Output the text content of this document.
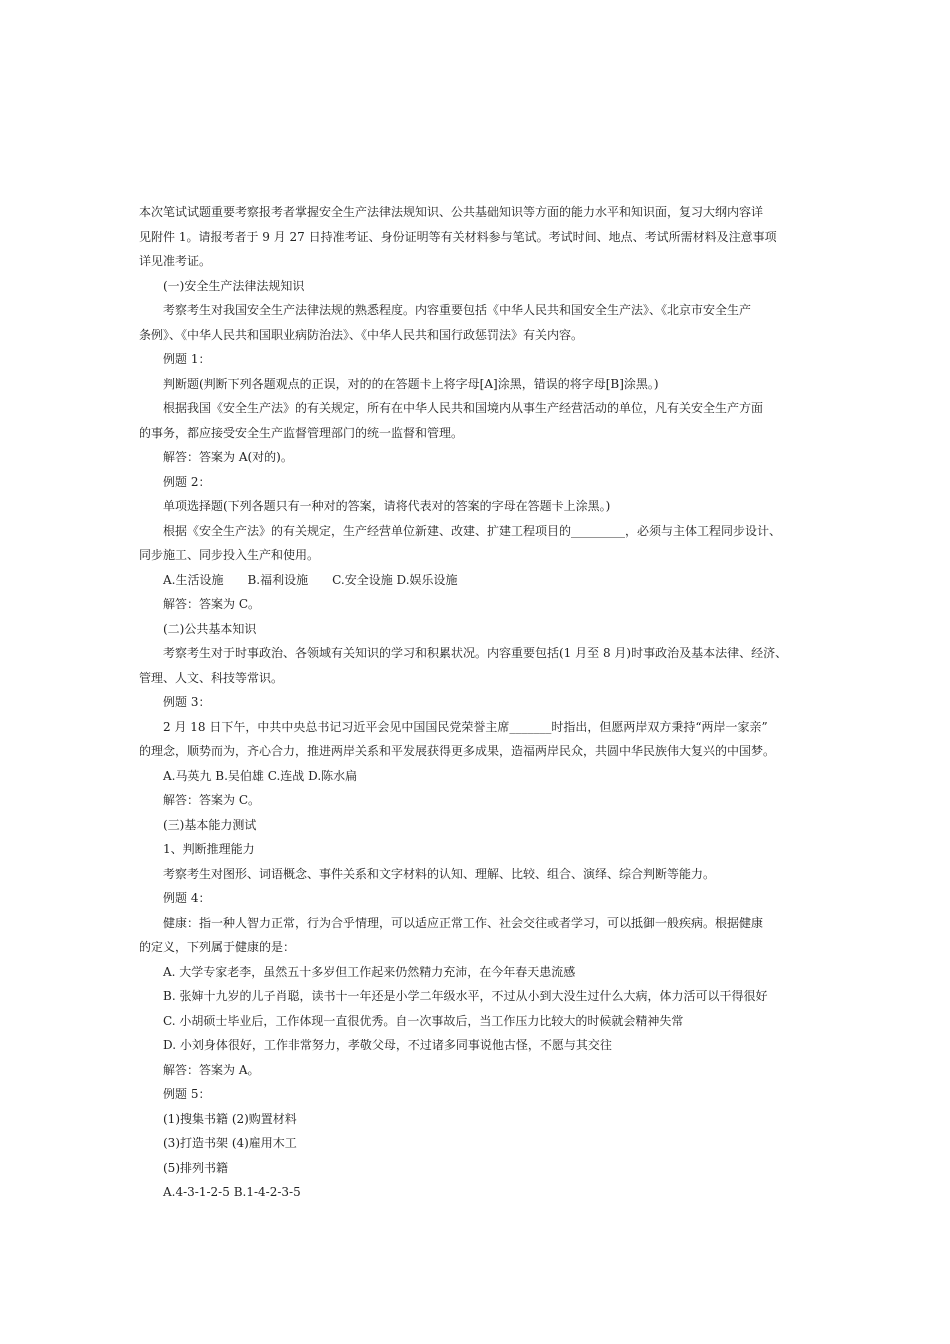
本次笔试试题重要考察报考者掌握安全生产法律法规知识、公共基础知识等方面的能力水平和知识面，复习大纲内容详
见附件 1。请报考者于 9 月 27 日持准考证、身份证明等有关材料参与笔试。考试时间、地点、考试所需材料及注意事项
详见准考证。
(一)安全生产法律法规知识
考察考生对我国安全生产法律法规的熟悉程度。内容重要包括《中华人民共和国安全生产法》、《北京市安全生产
条例》、《中华人民共和国职业病防治法》、《中华人民共和国行政惩罚法》有关内容。
例题 1：
判断题(判断下列各题观点的正误，对的的在答题卡上将字母[A]涂黑，错误的将字母[B]涂黑。)
根据我国《安全生产法》的有关规定，所有在中华人民共和国境内从事生产经营活动的单位，凡有关安全生产方面
的事务，都应接受安全生产监督管理部门的统一监督和管理。
解答：答案为 A(对的)。
例题 2：
单项选择题(下列各题只有一种对的答案，请将代表对的答案的字母在答题卡上涂黑。)
根据《安全生产法》的有关规定，生产经营单位新建、改建、扩建工程项目的_________，必须与主体工程同步设计、
同步施工、同步投入生产和使用。
A.生活设施 B.福利设施 C.安全设施 D.娱乐设施
解答：答案为 C。
(二)公共基本知识
考察考生对于时事政治、各领域有关知识的学习和积累状况。内容重要包括(1 月至 8 月)时事政治及基本法律、经济、
管理、人文、科技等常识。
例题 3：
2 月 18 日下午，中共中央总书记习近平会见中国国民党荣誉主席_______时指出，但愿两岸双方秉持“两岸一家亲”
的理念，顺势而为，齐心合力，推进两岸关系和平发展获得更多成果，造福两岸民众，共圆中华民族伟大复兴的中国梦。
A.马英九 B.吴伯雄 C.连战 D.陈水扁
解答：答案为 C。
(三)基本能力测试
1、判断推理能力
考察考生对图形、词语概念、事件关系和文字材料的认知、理解、比较、组合、演绎、综合判断等能力。
例题 4：
健康：指一种人智力正常，行为合乎情理，可以适应正常工作、社会交往或者学习，可以抵御一般疾病。根据健康
的定义，下列属于健康的是：
A. 大学专家老李，虽然五十多岁但工作起来仍然精力充沛，在今年春天患流感
B. 张婶十九岁的儿子肖聪，读书十一年还是小学二年级水平，不过从小到大没生过什么大病，体力活可以干得很好
C. 小胡硕士毕业后，工作体现一直很优秀。自一次事故后，当工作压力比较大的时候就会精神失常
D. 小刘身体很好，工作非常努力，孝敬父母，不过诸多同事说他古怪，不愿与其交往
解答：答案为 A。
例题 5：
(1)搜集书籍 (2)购置材料
(3)打造书架 (4)雇用木工
(5)排列书籍
A.4-3-1-2-5 B.1-4-2-3-5
